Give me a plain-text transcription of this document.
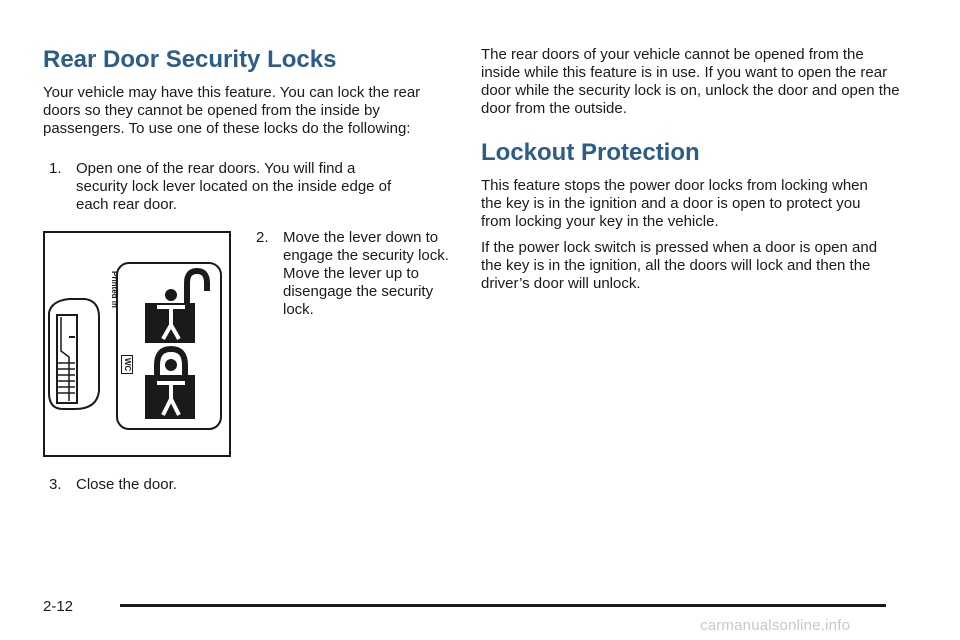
Rear Door Security Locks

Your vehicle may have this feature. You can lock the rear doors so they cannot be opened from the inside by passengers. To use one of these locks do the following:

1. Open one of the rear doors. You will find a security lock lever located on the inside edge of each rear door.
2. Move the lever down to engage the security lock. Move the lever up to disengage the security lock.
3. Close the door.
Printed in
WC

The rear doors of your vehicle cannot be opened from the inside while this feature is in use. If you want to open the rear door while the security lock is on, unlock the door and open the door from the outside.

Lockout Protection

This feature stops the power door locks from locking when the key is in the ignition and a door is open to protect you from locking your key in the vehicle.

If the power lock switch is pressed when a door is open and the key is in the ignition, all the doors will lock and then the driver’s door will unlock.

2-12
carmanualsonline.info
